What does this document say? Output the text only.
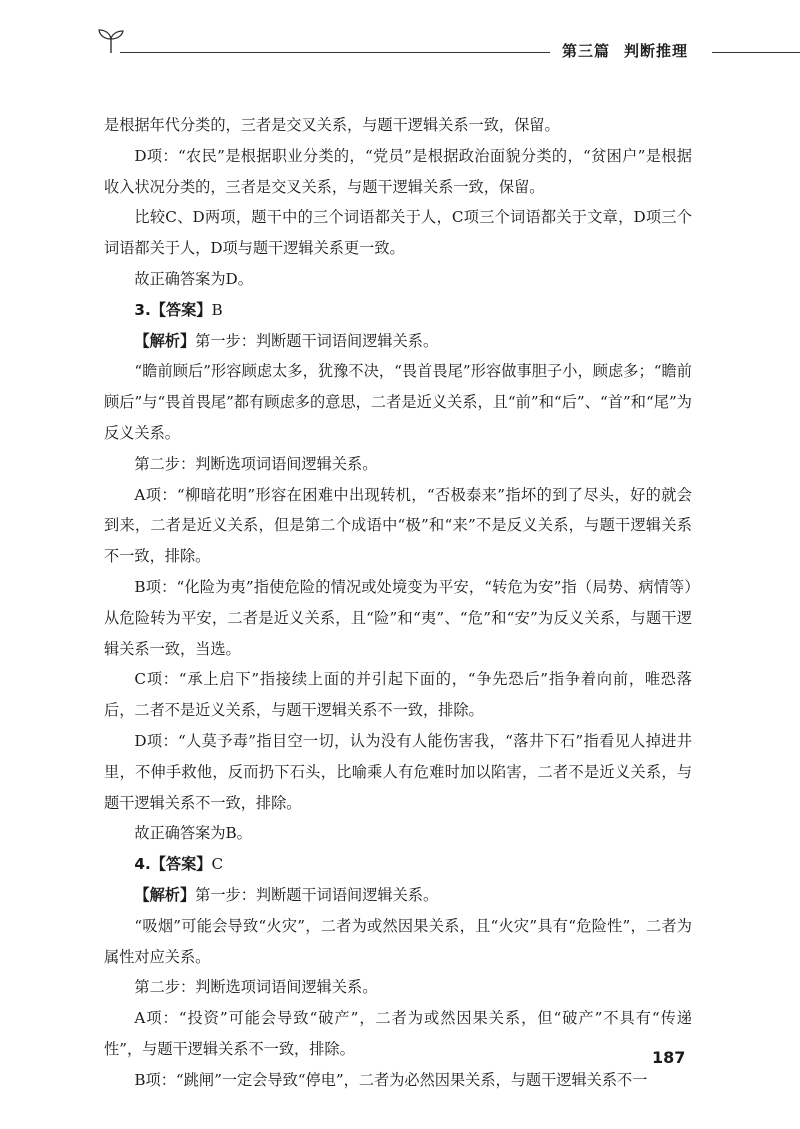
第三篇 判断推理

是根据年代分类的，三者是交叉关系，与题干逻辑关系一致，保留。

D项：“农民”是根据职业分类的，“党员”是根据政治面貌分类的，“贫困户”是根据收入状况分类的，三者是交叉关系，与题干逻辑关系一致，保留。

比较C、D两项，题干中的三个词语都关于人，C项三个词语都关于文章，D项三个词语都关于人，D项与题干逻辑关系更一致。

故正确答案为D。

3.【答案】B

【解析】第一步：判断题干词语间逻辑关系。

“瞻前顾后”形容顾虑太多，犹豫不决，“畏首畏尾”形容做事胆子小，顾虑多；“瞻前顾后”与“畏首畏尾”都有顾虑多的意思，二者是近义关系，且“前”和“后”、“首”和“尾”为反义关系。

第二步：判断选项词语间逻辑关系。

A项：“柳暗花明”形容在困难中出现转机，“否极泰来”指坏的到了尽头，好的就会到来，二者是近义关系，但是第二个成语中“极”和“来”不是反义关系，与题干逻辑关系不一致，排除。

B项：“化险为夷”指使危险的情况或处境变为平安，“转危为安”指（局势、病情等）从危险转为平安，二者是近义关系，且“险”和“夷”、“危”和“安”为反义关系，与题干逻辑关系一致，当选。

C项：“承上启下”指接续上面的并引起下面的，“争先恐后”指争着向前，唯恐落后，二者不是近义关系，与题干逻辑关系不一致，排除。

D项：“人莫予毒”指目空一切，认为没有人能伤害我，“落井下石”指看见人掉进井里，不伸手救他，反而扔下石头，比喻乘人有危难时加以陷害，二者不是近义关系，与题干逻辑关系不一致，排除。

故正确答案为B。

4.【答案】C

【解析】第一步：判断题干词语间逻辑关系。

“吸烟”可能会导致“火灾”，二者为或然因果关系，且“火灾”具有“危险性”，二者为属性对应关系。

第二步：判断选项词语间逻辑关系。

A项：“投资”可能会导致“破产”，二者为或然因果关系，但“破产”不具有“传递性”，与题干逻辑关系不一致，排除。

B项：“跳闸”一定会导致“停电”，二者为必然因果关系，与题干逻辑关系不一

187
